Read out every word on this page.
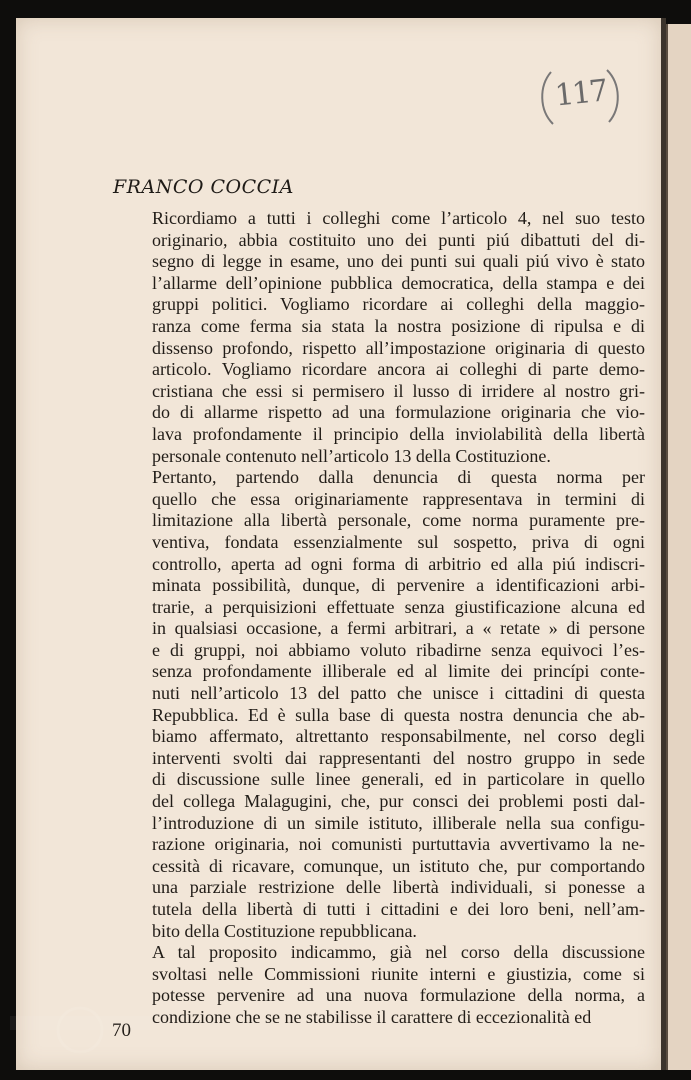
117
FRANCO COCCIA

Ricordiamo a tutti i colleghi come l’articolo 4, nel suo testo
originario, abbia costituito uno dei punti piú dibattuti del di-
segno di legge in esame, uno dei punti sui quali piú vivo è stato
l’allarme dell’opinione pubblica democratica, della stampa e dei
gruppi politici. Vogliamo ricordare ai colleghi della maggio-
ranza come ferma sia stata la nostra posizione di ripulsa e di
dissenso profondo, rispetto all’impostazione originaria di questo
articolo. Vogliamo ricordare ancora ai colleghi di parte demo-
cristiana che essi si permisero il lusso di irridere al nostro gri-
do di allarme rispetto ad una formulazione originaria che vio-
lava profondamente il principio della inviolabilità della libertà
personale contenuto nell’articolo 13 della Costituzione.

Pertanto, partendo dalla denuncia di questa norma per
quello che essa originariamente rappresentava in termini di
limitazione alla libertà personale, come norma puramente pre-
ventiva, fondata essenzialmente sul sospetto, priva di ogni
controllo, aperta ad ogni forma di arbitrio ed alla piú indiscri-
minata possibilità, dunque, di pervenire a identificazioni arbi-
trarie, a perquisizioni effettuate senza giustificazione alcuna ed
in qualsiasi occasione, a fermi arbitrari, a « retate » di persone
e di gruppi, noi abbiamo voluto ribadirne senza equivoci l’es-
senza profondamente illiberale ed al limite dei princípi conte-
nuti nell’articolo 13 del patto che unisce i cittadini di questa
Repubblica. Ed è sulla base di questa nostra denuncia che ab-
biamo affermato, altrettanto responsabilmente, nel corso degli
interventi svolti dai rappresentanti del nostro gruppo in sede
di discussione sulle linee generali, ed in particolare in quello
del collega Malagugini, che, pur consci dei problemi posti dal-
l’introduzione di un simile istituto, illiberale nella sua configu-
razione originaria, noi comunisti purtuttavia avvertivamo la ne-
cessità di ricavare, comunque, un istituto che, pur comportando
una parziale restrizione delle libertà individuali, si ponesse a
tutela della libertà di tutti i cittadini e dei loro beni, nell’am-
bito della Costituzione repubblicana.

A tal proposito indicammo, già nel corso della discussione
svoltasi nelle Commissioni riunite interni e giustizia, come si
potesse pervenire ad una nuova formulazione della norma, a
condizione che se ne stabilisse il carattere di eccezionalità ed

70
